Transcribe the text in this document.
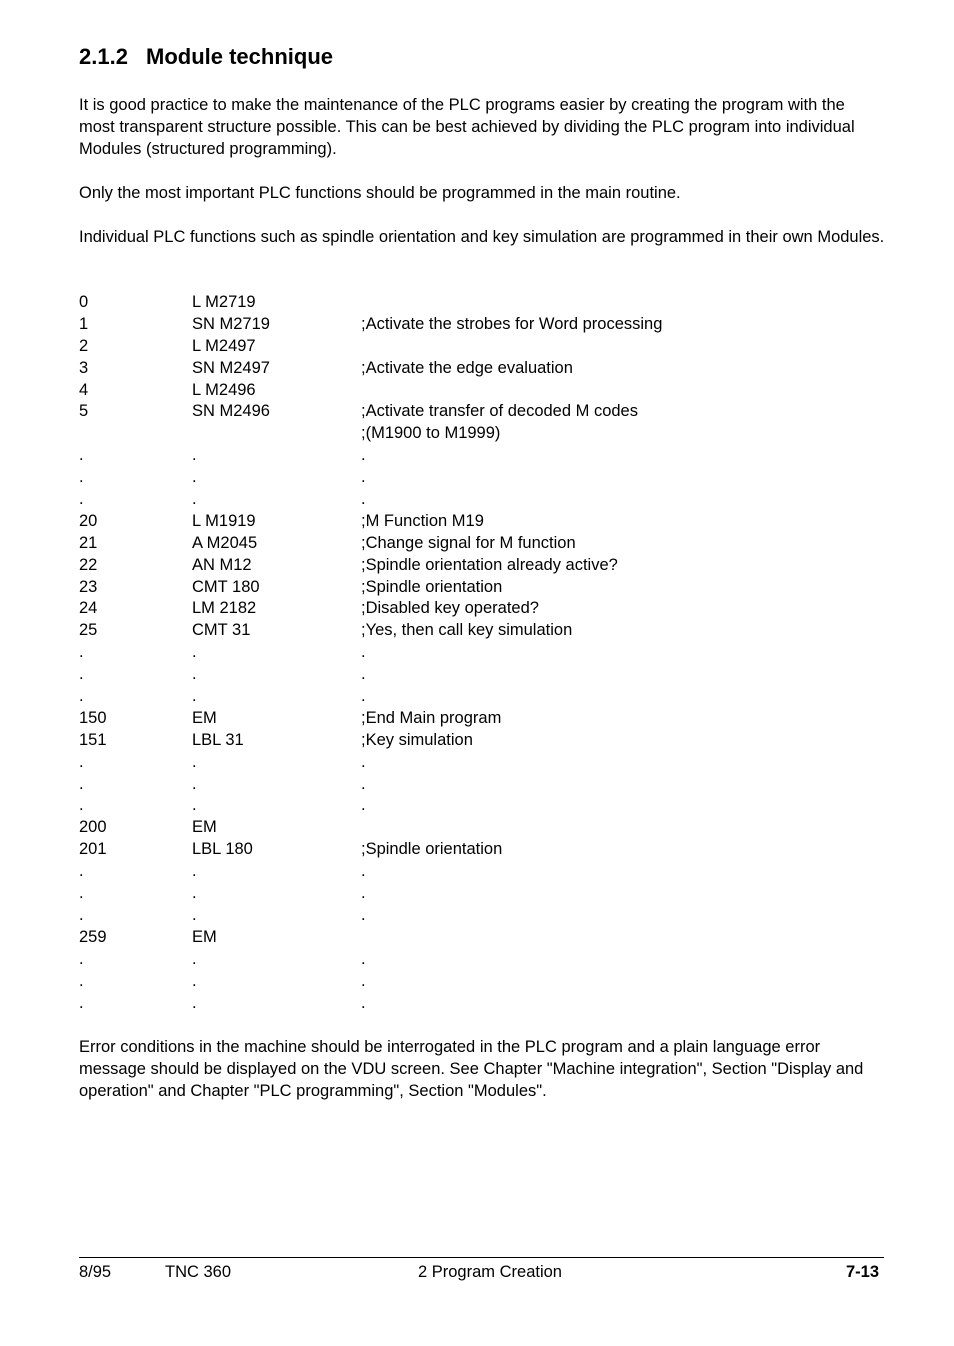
2.1.2 Module technique

It is good practice to make the maintenance of the PLC programs easier by creating the program with the most transparent structure possible. This can be best achieved by dividing the PLC program into individual Modules (structured programming).

Only the most important PLC functions should be programmed in the main routine.

Individual PLC functions such as spindle orientation and key simulation are programmed in their own Modules.

0	L M2719
1	SN M2719	;Activate the strobes for Word processing
2	L M2497
3	SN M2497	;Activate the edge evaluation
4	L M2496
5	SN M2496	;Activate transfer of decoded M codes
;(M1900 to M1999)
.	.	.
.	.	.
.	.	.
20	L M1919	;M Function M19
21	A M2045	;Change signal for M function
22	AN M12	;Spindle orientation already active?
23	CMT 180	;Spindle orientation
24	LM 2182	;Disabled key operated?
25	CMT 31	;Yes, then call key simulation
.	.	.
.	.	.
.	.	.
150	EM	;End Main program
151	LBL 31	;Key simulation
.	.	.
.	.	.
.	.	.
200	EM
201	LBL 180	;Spindle orientation
.	.	.
.	.	.
.	.	.
259	EM
.	.	.
.	.	.
.	.	.

Error conditions in the machine should be interrogated in the PLC program and a plain language error message should be displayed on the VDU screen. See Chapter "Machine integration", Section "Display and operation" and Chapter "PLC programming", Section "Modules".

8/95	TNC 360	2 Program Creation	7-13
